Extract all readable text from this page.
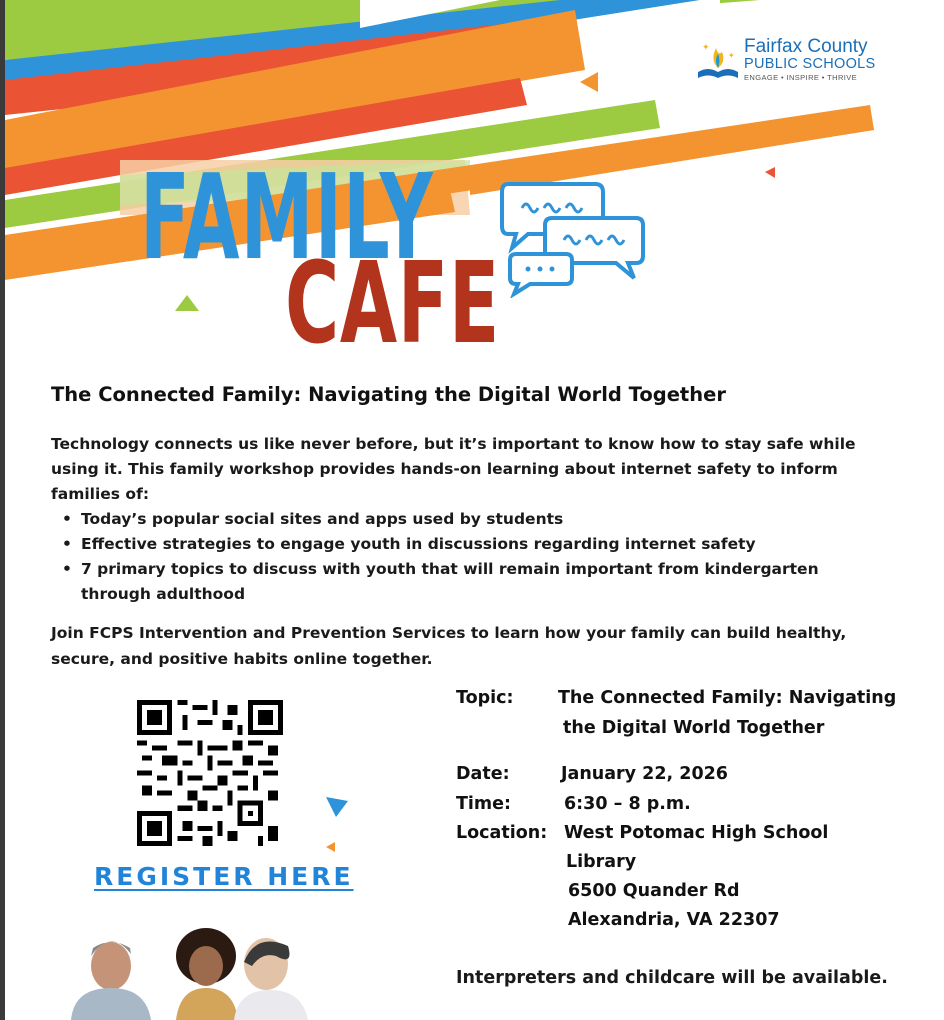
✦
✦ Fairfax County
PUBLIC SCHOOLS
ENGAGE • INSPIRE • THRIVE
FAMILY
CAFE
The Connected Family: Navigating the Digital World Together
Technology connects us like never before, but it’s important to know how to stay safe while using it. This family workshop provides hands-on learning about internet safety to inform families of:
• Today’s popular social sites and apps used by students
• Effective strategies to engage youth in discussions regarding internet safety
• 7 primary topics to discuss with youth that will remain important from kindergarten through adulthood
Join FCPS Intervention and Prevention Services to learn how your family can build healthy, secure, and positive habits online together.
REGISTER HERE
Topic:	The Connected Family: Navigating
the Digital World Together
Date:	January 22, 2026
Time:	6:30 – 8 p.m.
Location: West Potomac High School
Library
6500 Quander Rd
Alexandria, VA 22307
Interpreters and childcare will be available.
